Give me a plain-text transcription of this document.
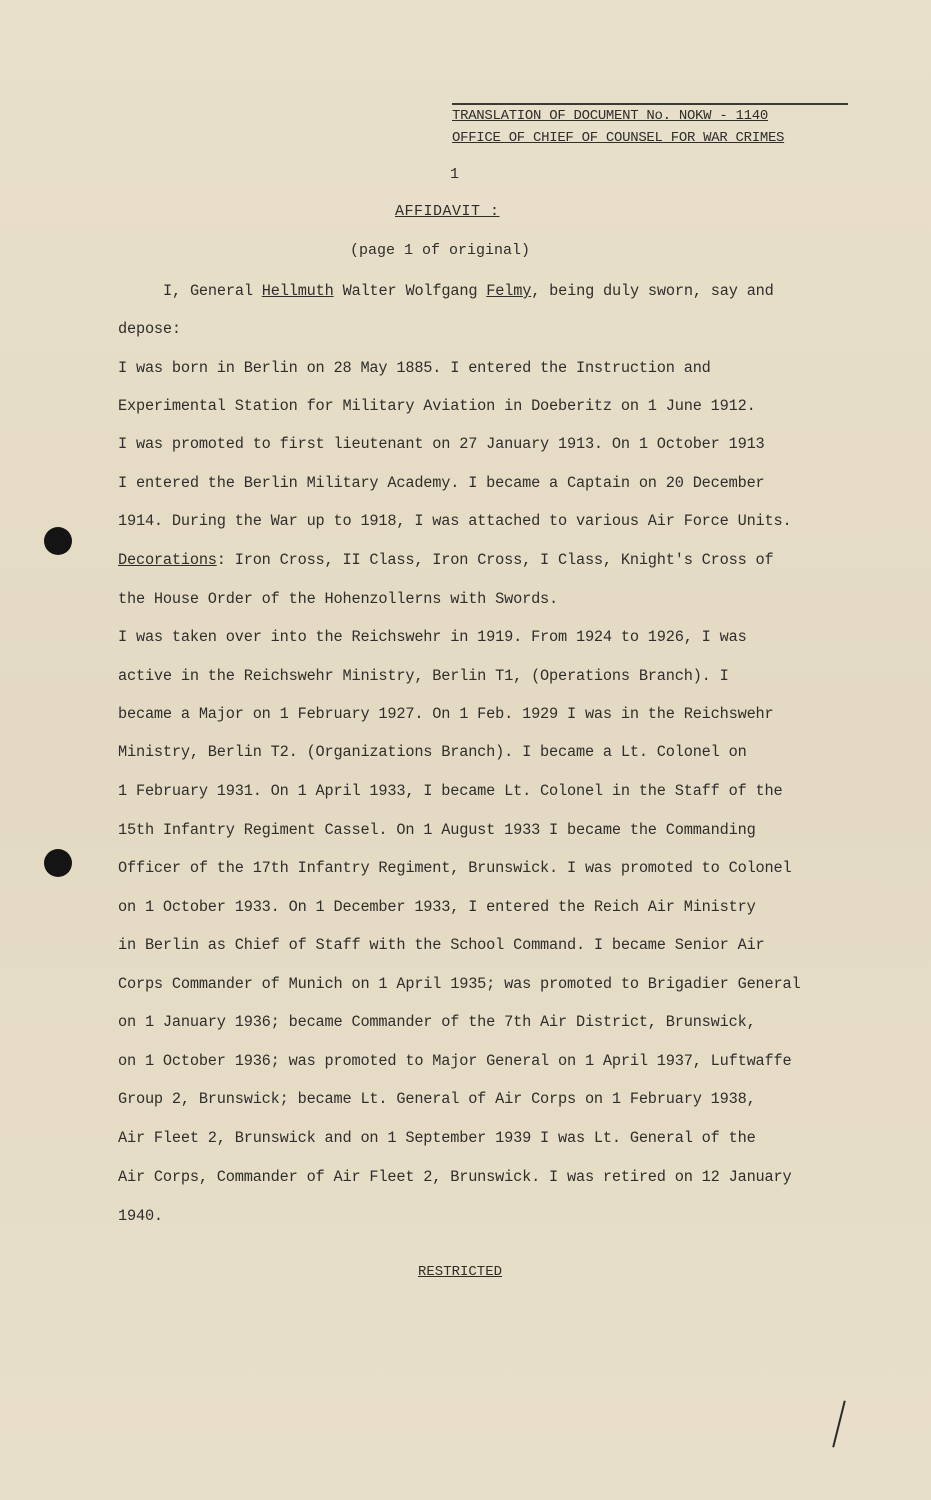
TRANSLATION OF DOCUMENT No. NOKW - 1140
OFFICE OF CHIEF OF COUNSEL FOR WAR CRIMES
1
AFFIDAVIT :
(page 1 of original)
I, General Hellmuth Walter Wolfgang Felmy, being duly sworn, say and
depose:
I was born in Berlin on 28 May 1885. I entered the Instruction and
Experimental Station for Military Aviation in Doeberitz on 1 June 1912.
I was promoted to first lieutenant on 27 January 1913. On 1 October 1913
I entered the Berlin Military Academy. I became a Captain on 20 December
1914. During the War up to 1918, I was attached to various Air Force Units.
Decorations: Iron Cross, II Class, Iron Cross, I Class, Knight's Cross of
the House Order of the Hohenzollerns with Swords.
I was taken over into the Reichswehr in 1919. From 1924 to 1926, I was
active in the Reichswehr Ministry, Berlin T1, (Operations Branch). I
became a Major on 1 February 1927. On 1 Feb. 1929 I was in the Reichswehr
Ministry, Berlin T2. (Organizations Branch). I became a Lt. Colonel on
1 February 1931. On 1 April 1933, I became Lt. Colonel in the Staff of the
15th Infantry Regiment Cassel. On 1 August 1933 I became the Commanding
Officer of the 17th Infantry Regiment, Brunswick. I was promoted to Colonel
on 1 October 1933. On 1 December 1933, I entered the Reich Air Ministry
in Berlin as Chief of Staff with the School Command. I became Senior Air
Corps Commander of Munich on 1 April 1935; was promoted to Brigadier General
on 1 January 1936; became Commander of the 7th Air District, Brunswick,
on 1 October 1936; was promoted to Major General on 1 April 1937, Luftwaffe
Group 2, Brunswick; became Lt. General of Air Corps on 1 February 1938,
Air Fleet 2, Brunswick and on 1 September 1939 I was Lt. General of the
Air Corps, Commander of Air Fleet 2, Brunswick. I was retired on 12 January
1940.
RESTRICTED
